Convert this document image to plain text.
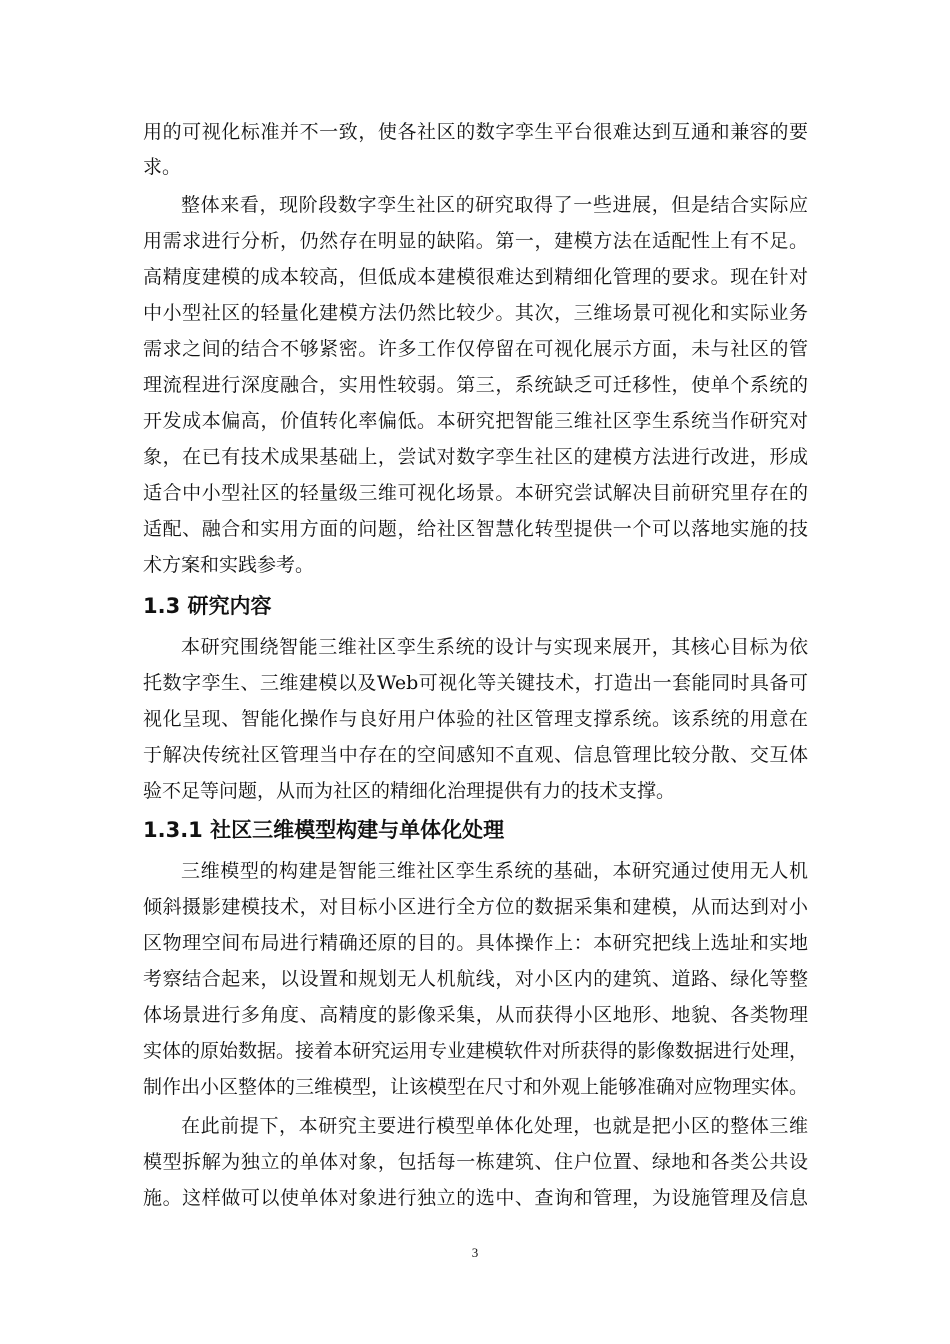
用的可视化标准并不一致，使各社区的数字孪生平台很难达到互通和兼容的要
求。
整体来看，现阶段数字孪生社区的研究取得了一些进展，但是结合实际应
用需求进行分析，仍然存在明显的缺陷。第一，建模方法在适配性上有不足。
高精度建模的成本较高，但低成本建模很难达到精细化管理的要求。现在针对
中小型社区的轻量化建模方法仍然比较少。其次，三维场景可视化和实际业务
需求之间的结合不够紧密。许多工作仅停留在可视化展示方面，未与社区的管
理流程进行深度融合，实用性较弱。第三，系统缺乏可迁移性，使单个系统的
开发成本偏高，价值转化率偏低。本研究把智能三维社区孪生系统当作研究对
象，在已有技术成果基础上，尝试对数字孪生社区的建模方法进行改进，形成
适合中小型社区的轻量级三维可视化场景。本研究尝试解决目前研究里存在的
适配、融合和实用方面的问题，给社区智慧化转型提供一个可以落地实施的技
术方案和实践参考。
1.3 研究内容
本研究围绕智能三维社区孪生系统的设计与实现来展开，其核心目标为依
托数字孪生、三维建模以及Web可视化等关键技术，打造出一套能同时具备可
视化呈现、智能化操作与良好用户体验的社区管理支撑系统。该系统的用意在
于解决传统社区管理当中存在的空间感知不直观、信息管理比较分散、交互体
验不足等问题，从而为社区的精细化治理提供有力的技术支撑。
1.3.1 社区三维模型构建与单体化处理
三维模型的构建是智能三维社区孪生系统的基础，本研究通过使用无人机
倾斜摄影建模技术，对目标小区进行全方位的数据采集和建模，从而达到对小
区物理空间布局进行精确还原的目的。具体操作上：本研究把线上选址和实地
考察结合起来，以设置和规划无人机航线，对小区内的建筑、道路、绿化等整
体场景进行多角度、高精度的影像采集，从而获得小区地形、地貌、各类物理
实体的原始数据。接着本研究运用专业建模软件对所获得的影像数据进行处理，
制作出小区整体的三维模型，让该模型在尺寸和外观上能够准确对应物理实体。
在此前提下，本研究主要进行模型单体化处理，也就是把小区的整体三维
模型拆解为独立的单体对象，包括每一栋建筑、住户位置、绿地和各类公共设
施。这样做可以使单体对象进行独立的选中、查询和管理，为设施管理及信息
3
